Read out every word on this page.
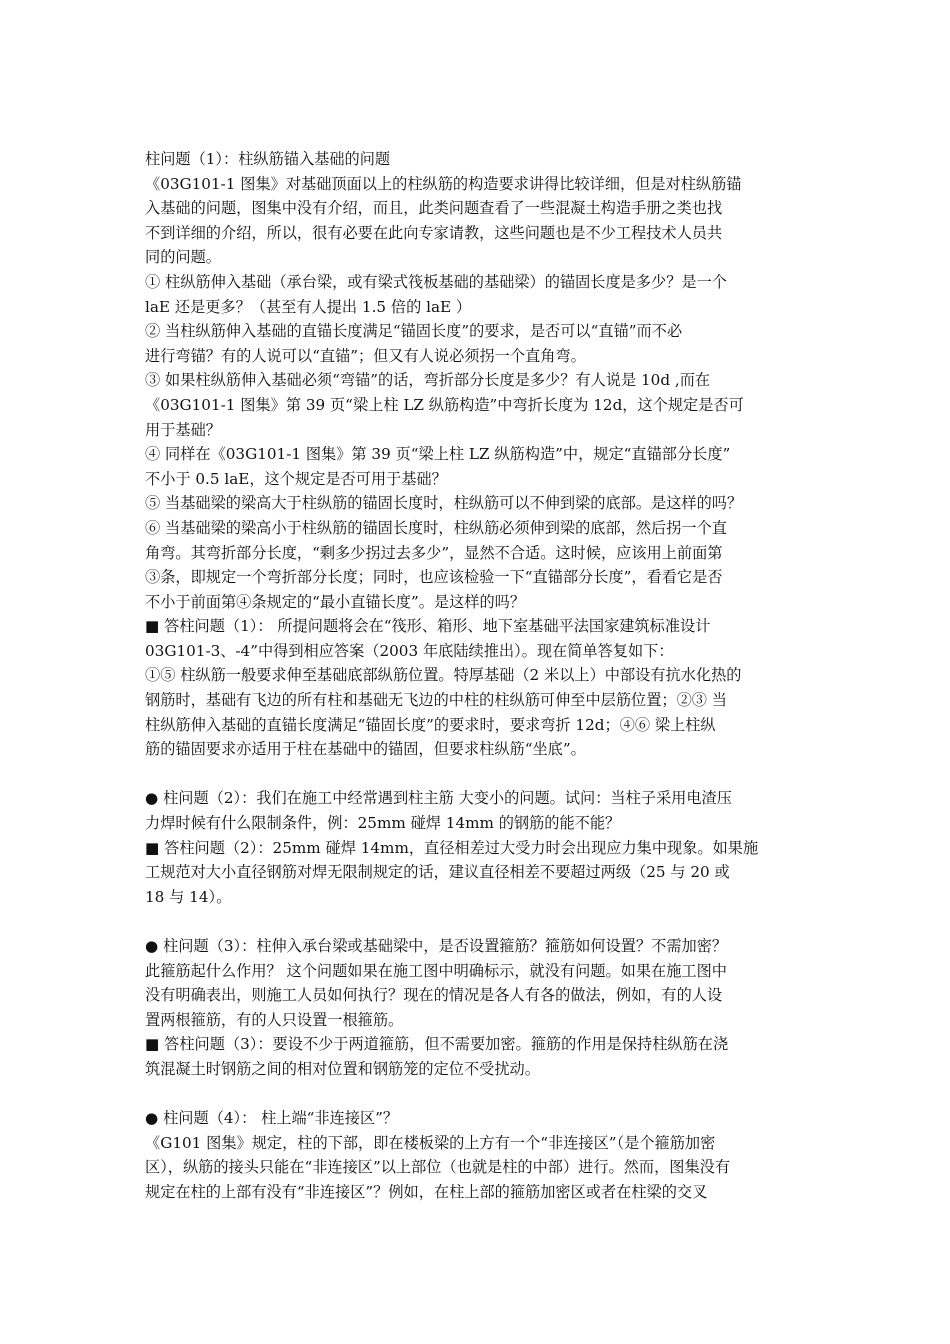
柱问题（1）：柱纵筋锚入基础的问题
《03G101-1 图集》对基础顶面以上的柱纵筋的构造要求讲得比较详细，但是对柱纵筋锚
入基础的问题，图集中没有介绍，而且，此类问题查看了一些混凝土构造手册之类也找
不到详细的介绍，所以，很有必要在此向专家请教，这些问题也是不少工程技术人员共
同的问题。
① 柱纵筋伸入基础（承台梁，或有梁式筏板基础的基础梁）的锚固长度是多少？是一个
laE 还是更多？（甚至有人提出 1.5 倍的 laE ）
② 当柱纵筋伸入基础的直锚长度满足“锚固长度”的要求，是否可以“直锚”而不必
进行弯锚？有的人说可以“直锚”；但又有人说必须拐一个直角弯。
③ 如果柱纵筋伸入基础必须“弯锚”的话，弯折部分长度是多少？有人说是 10d ,而在
《03G101-1 图集》第 39 页“梁上柱 LZ 纵筋构造”中弯折长度为 12d，这个规定是否可
用于基础？
④ 同样在《03G101-1 图集》第 39 页“梁上柱 LZ 纵筋构造”中，规定“直锚部分长度”
不小于 0.5 laE，这个规定是否可用于基础？
⑤ 当基础梁的梁高大于柱纵筋的锚固长度时，柱纵筋可以不伸到梁的底部。是这样的吗？
⑥ 当基础梁的梁高小于柱纵筋的锚固长度时，柱纵筋必须伸到梁的底部，然后拐一个直
角弯。其弯折部分长度，“剩多少拐过去多少”，显然不合适。这时候，应该用上前面第
③条，即规定一个弯折部分长度；同时，也应该检验一下“直锚部分长度”，看看它是否
不小于前面第④条规定的“最小直锚长度”。是这样的吗？
■ 答柱问题（1）： 所提问题将会在“筏形、箱形、地下室基础平法国家建筑标准设计
03G101-3、-4”中得到相应答案（2003 年底陆续推出）。现在简单答复如下：
①⑤ 柱纵筋一般要求伸至基础底部纵筋位置。特厚基础（2 米以上）中部设有抗水化热的
钢筋时，基础有飞边的所有柱和基础无飞边的中柱的柱纵筋可伸至中层筋位置；②③ 当
柱纵筋伸入基础的直锚长度满足“锚固长度”的要求时，要求弯折 12d；④⑥ 梁上柱纵
筋的锚固要求亦适用于柱在基础中的锚固，但要求柱纵筋“坐底”。
● 柱问题（2）：我们在施工中经常遇到柱主筋 大变小的问题。试问：当柱子采用电渣压
力焊时候有什么限制条件，例：25mm 碰焊 14mm 的钢筋的能不能？
■ 答柱问题（2）：25mm 碰焊 14mm，直径相差过大受力时会出现应力集中现象。如果施
工规范对大小直径钢筋对焊无限制规定的话，建议直径相差不要超过两级（25 与 20 或
18 与 14）。
● 柱问题（3）：柱伸入承台梁或基础梁中，是否设置箍筋？箍筋如何设置？不需加密？
此箍筋起什么作用？ 这个问题如果在施工图中明确标示，就没有问题。如果在施工图中
没有明确表出，则施工人员如何执行？现在的情况是各人有各的做法，例如，有的人设
置两根箍筋，有的人只设置一根箍筋。
■ 答柱问题（3）：要设不少于两道箍筋，但不需要加密。箍筋的作用是保持柱纵筋在浇
筑混凝土时钢筋之间的相对位置和钢筋笼的定位不受扰动。
● 柱问题（4）： 柱上端“非连接区”？
《G101 图集》规定，柱的下部，即在楼板梁的上方有一个“非连接区”（是个箍筋加密
区），纵筋的接头只能在“非连接区”以上部位（也就是柱的中部）进行。然而，图集没有
规定在柱的上部有没有“非连接区”？例如，在柱上部的箍筋加密区或者在柱梁的交叉
